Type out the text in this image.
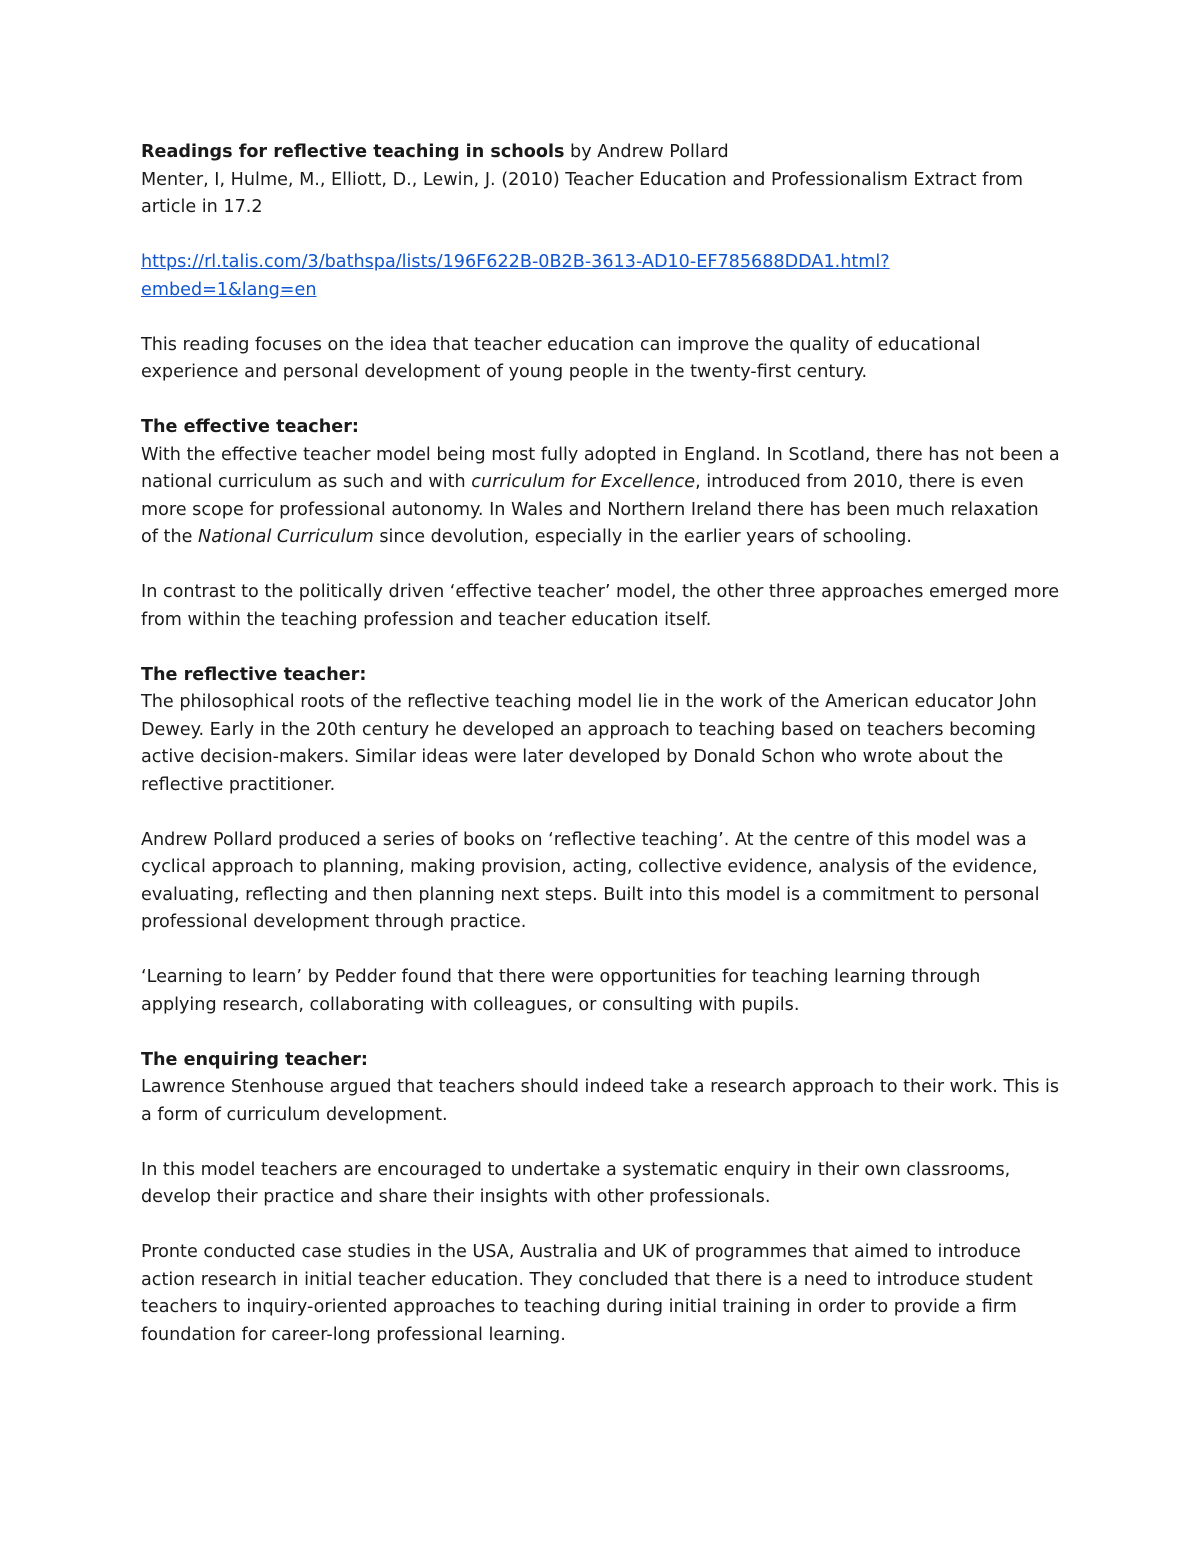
Readings for reflective teaching in schools by Andrew Pollard

Menter, I, Hulme, M., Elliott, D., Lewin, J. (2010) Teacher Education and Professionalism Extract from article in 17.2

https://rl.talis.com/3/bathspa/lists/196F622B-0B2B-3613-AD10-EF785688DDA1.html?
embed=1&lang=en

This reading focuses on the idea that teacher education can improve the quality of educational experience and personal development of young people in the twenty-first century.

The effective teacher:

With the effective teacher model being most fully adopted in England. In Scotland, there has not been a national curriculum as such and with curriculum for Excellence, introduced from 2010, there is even more scope for professional autonomy. In Wales and Northern Ireland there has been much relaxation of the National Curriculum since devolution, especially in the earlier years of schooling.

In contrast to the politically driven ‘effective teacher’ model, the other three approaches emerged more from within the teaching profession and teacher education itself.

The reflective teacher:

The philosophical roots of the reflective teaching model lie in the work of the American educator John Dewey. Early in the 20th century he developed an approach to teaching based on teachers becoming active decision-makers. Similar ideas were later developed by Donald Schon who wrote about the reflective practitioner.

Andrew Pollard produced a series of books on ‘reflective teaching’. At the centre of this model was a cyclical approach to planning, making provision, acting, collective evidence, analysis of the evidence, evaluating, reflecting and then planning next steps. Built into this model is a commitment to personal professional development through practice.

‘Learning to learn’ by Pedder found that there were opportunities for teaching learning through applying research, collaborating with colleagues, or consulting with pupils.

The enquiring teacher:

Lawrence Stenhouse argued that teachers should indeed take a research approach to their work. This is a form of curriculum development.

In this model teachers are encouraged to undertake a systematic enquiry in their own classrooms, develop their practice and share their insights with other professionals.

Pronte conducted case studies in the USA, Australia and UK of programmes that aimed to introduce action research in initial teacher education. They concluded that there is a need to introduce student teachers to inquiry-oriented approaches to teaching during initial training in order to provide a firm foundation for career-long professional learning.
